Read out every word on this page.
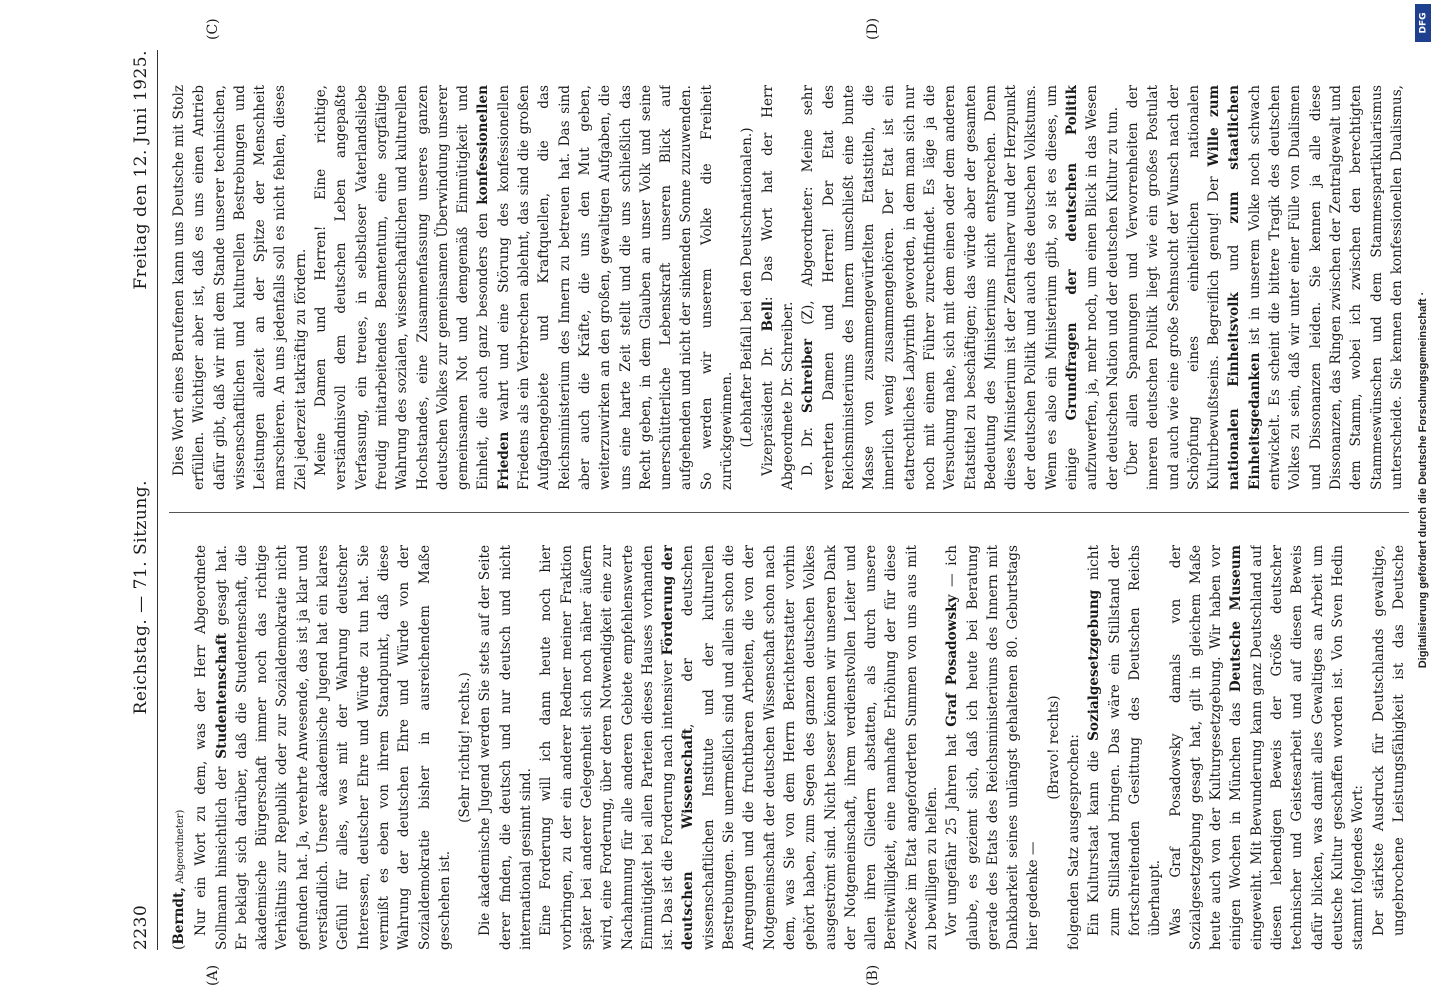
2230
Reichstag. — 71. Sitzung.
Freitag den 12. Juni 1925.

(Berndt, Abgeordneter) Nur ein Wort zu dem, was der Herr Abgeordnete Sollmann hinsichtlich der Studentenschaft gesagt hat. Er beklagt sich darüber, daß die Studentenschaft, die akademische Bürgerschaft immer noch das richtige Verhältnis zur Republik oder zur Sozialdemokratie nicht gefunden hat. Ja, verehrte Anwesende, das ist ja klar und verständlich. Unsere akademische Jugend hat ein klares Gefühl für alles, was mit der Wahrung deutscher Interessen, deutscher Ehre und Würde zu tun hat. Sie vermißt es eben von ihrem Standpunkt, daß diese Wahrung der deutschen Ehre und Würde von der Sozialdemokratie bisher in ausreichendem Maße geschehen ist.

(Sehr richtig! rechts.) Die akademische Jugend werden Sie stets auf der Seite derer finden, die deutsch und nur deutsch und nicht international gesinnt sind. Eine Forderung will ich dann heute noch hier vorbringen, zu der ein anderer Redner meiner Fraktion später bei anderer Gelegenheit sich noch näher äußern wird, eine Forderung, über deren Notwendigkeit eine zur Nachahmung für alle anderen Gebiete empfehlenswerte Einmütigkeit bei allen Parteien dieses Hauses vorhanden ist. Das ist die Forderung nach intensiver Förderung der deutschen Wissenschaft, der deutschen wissenschaftlichen Institute und der kulturellen Bestrebungen. Sie unermeßlich sind und allein schon die Anregungen und die fruchtbaren Arbeiten, die von der Notgemeinschaft der deutschen Wissenschaft schon nach dem, was Sie von dem Herrn Berichterstatter vorhin gehört haben, zum Segen des ganzen deutschen Volkes ausgeströmt sind. Nicht besser können wir unseren Dank der Notgemeinschaft, ihrem verdienstvollen Leiter und allen ihren Gliedern abstatten, als durch unsere Bereitwilligkeit, eine namhafte Erhöhung der für diese Zwecke im Etat angeforderten Summen von uns aus mit zu bewilligen zu helfen. Vor ungefähr 25 Jahren hat Graf Posadowsky — ich glaube, es geziemt sich, daß ich heute bei Beratung gerade des Etats des Reichsministeriums des Innern mit Dankbarkeit seines unlängst gehaltenen 80. Geburtstags hier gedenke —

(Bravo! rechts) folgenden Satz ausgesprochen: Ein Kulturstaat kann die Sozialgesetzgebung nicht zum Stillstand bringen. Das wäre ein Stillstand der fortschreitenden Gesittung des Deutschen Reichs überhaupt. Was Graf Posadowsky damals von der Sozialgesetzgebung gesagt hat, gilt in gleichem Maße heute auch von der Kulturgesetzgebung. Wir haben vor einigen Wochen in München das Deutsche Museum eingeweiht. Mit Bewunderung kann ganz Deutschland auf diesen lebendigen Beweis der Größe deutscher technischer und Geistesarbeit und auf diesen Beweis dafür blicken, was damit alles Gewaltiges an Arbeit um deutsche Kultur geschaffen worden ist. Von Sven Hedin stammt folgendes Wort: Der stärkste Ausdruck für Deutschlands gewaltige, ungebrochene Leistungsfähigkeit ist das Deutsche

Dies Wort eines Berufenen kann uns Deutsche mit Stolz erfüllen. Wichtiger aber ist, daß es uns einen Antrieb dafür gibt, daß wir mit dem Stande unserer technischen, wissenschaftlichen und kulturellen Bestrebungen und Leistungen allezeit an der Spitze der Menschheit marschieren. An uns jedenfalls soll es nicht fehlen, dieses Ziel jederzeit tatkräftig zu fördern. Meine Damen und Herren! Eine richtige, verständnisvoll dem deutschen Leben angepaßte Verfassung, ein treues, in selbstloser Vaterlandsliebe freudig mitarbeitendes Beamtentum, eine sorgfältige Wahrung des sozialen, wissenschaftlichen und kulturellen Hochstandes, eine Zusammenfassung unseres ganzen deutschen Volkes zur gemeinsamen Überwindung unserer gemeinsamen Not und demgemäß Einmütigkeit und Einheit, die auch ganz besonders den konfessionellen Frieden wahrt und eine Störung des konfessionellen Friedens als ein Verbrechen ablehnt, das sind die großen Aufgabengebiete und Kraftquellen, die das Reichsministerium des Innern zu betreuen hat. Das sind aber auch die Kräfte, die uns den Mut geben, weiterzuwirken an den großen, gewaltigen Aufgaben, die uns eine harte Zeit stellt und die uns schließlich das Recht geben, in dem Glauben an unser Volk und seine unerschütterliche Lebenskraft unseren Blick auf aufgehenden und nicht der sinkenden Sonne zuzuwenden. So werden wir unserem Volke die Freiheit zurückgewinnen. (Lebhafter Beifall bei den Deutschnationalen.) Vizepräsident Dr. Bell: Das Wort hat der Herr Abgeordnete Dr. Schreiber. D. Dr. Schreiber (Z), Abgeordneter: Meine sehr verehrten Damen und Herren! Der Etat des Reichsministeriums des Innern umschließt eine bunte Masse von zusammengewürfelten Etatstiteln, die innerlich wenig zusammengehören. Der Etat ist ein etatrechtliches Labyrinth geworden, in dem man sich nur noch mit einem Führer zurechtfindet. Es läge ja die Versuchung nahe, sich mit dem einen oder dem anderen Etatstitel zu beschäftigen; das würde aber der gesamten Bedeutung des Ministeriums nicht entsprechen. Denn dieses Ministerium ist der Zentralnerv und der Herzpunkt der deutschen Politik und auch des deutschen Volkstums. Wenn es also ein Ministerium gibt, so ist es dieses, um einige Grundfragen der deutschen Politik aufzuwerfen, ja, mehr noch, um einen Blick in das Wesen der deutschen Nation und der deutschen Kultur zu tun. Über allen Spannungen und Verworrenheiten der inneren deutschen Politik liegt wie ein großes Postulat und auch wie eine große Sehnsucht der Wunsch nach der Schöpfung eines einheitlichen nationalen Kulturbewußtseins. Begreiflich genug! Der Wille zum nationalen Einheitsvolk und zum staatlichen Einheitsgedanken ist in unserem Volke noch schwach entwickelt. Es scheint die bittere Tragik des deutschen Volkes zu sein, daß wir unter einer Fülle von Dualismen und Dissonanzen leiden. Sie kennen ja alle diese Dissonanzen, das Ringen zwischen der Zentralgewalt und dem Stamm, wobei ich zwischen den berechtigten Stammeswünschen und dem Stammespartikularismus unterscheide. Sie kennen den konfessionellen Dualismus,

(A)	(B)
(C)	(D)	DFG
Digitalisierung gefördert durch die Deutsche Forschungsgemeinschaft ·
